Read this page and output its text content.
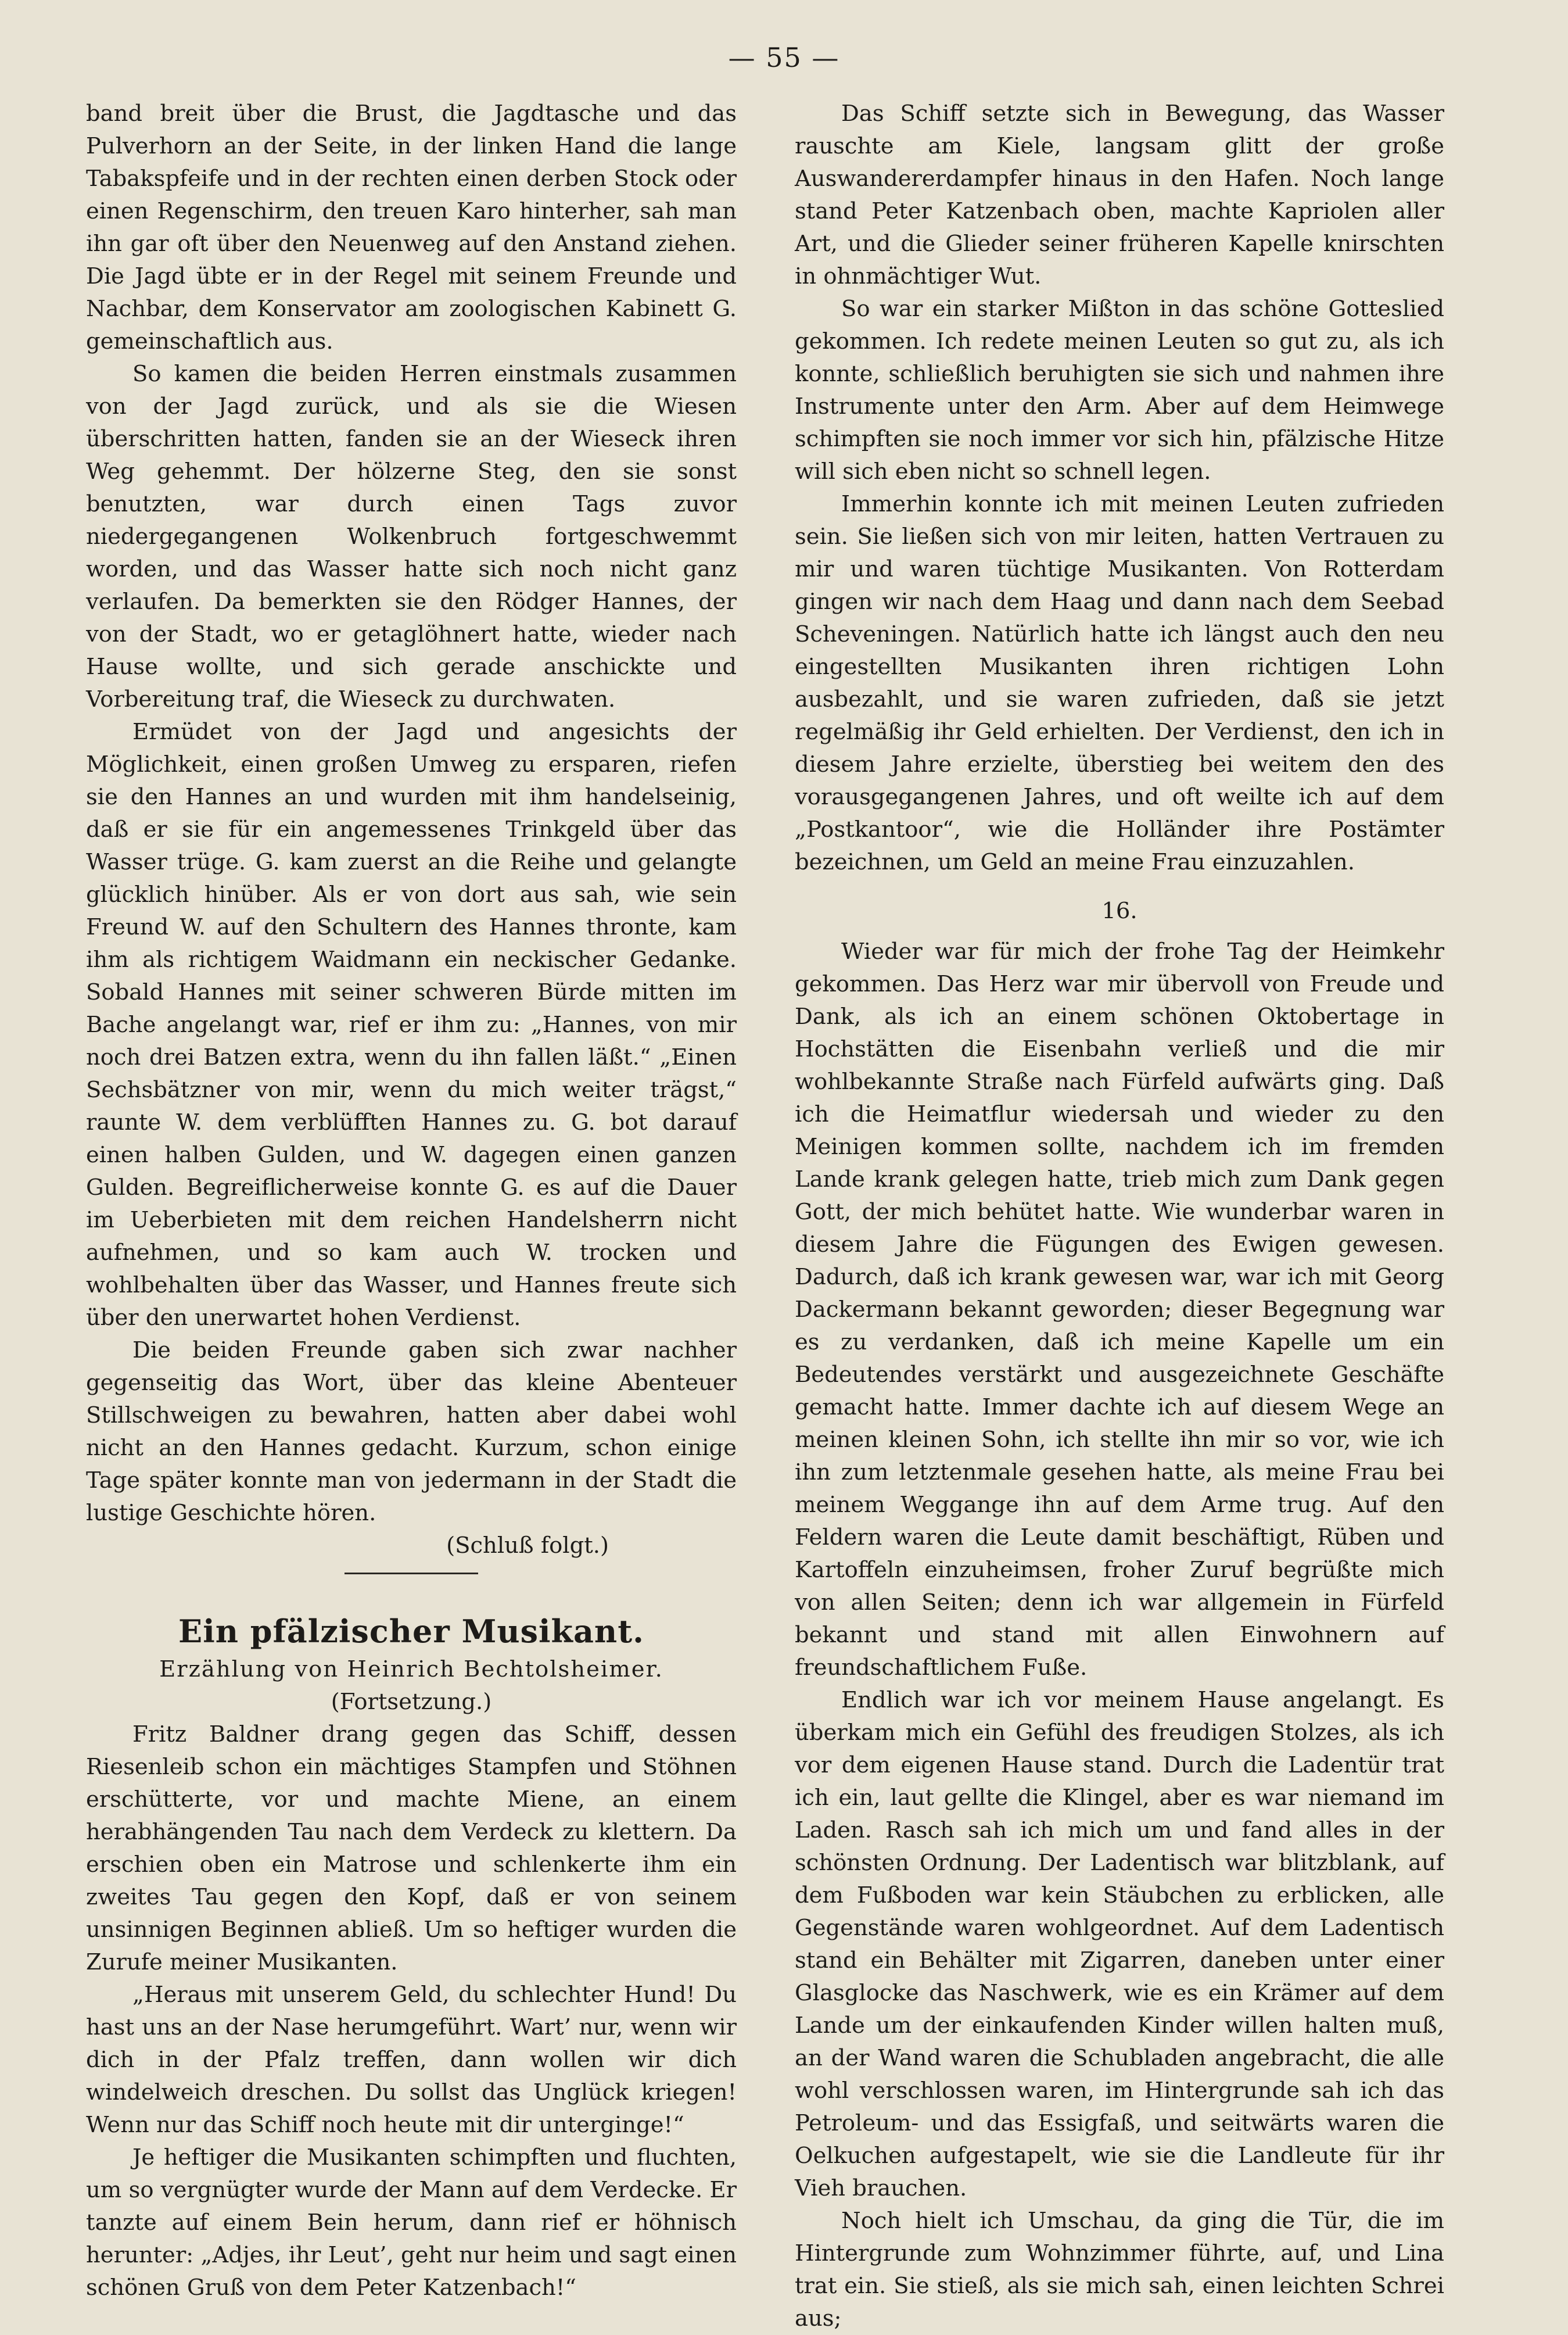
— 55 —

band breit über die Brust, die Jagdtasche und das Pulverhorn an der Seite, in der linken Hand die lange Tabakspfeife und in der rechten einen derben Stock oder einen Regenschirm, den treuen Karo hinterher, sah man ihn gar oft über den Neuenweg auf den Anstand ziehen. Die Jagd übte er in der Regel mit seinem Freunde und Nachbar, dem Konservator am zoologischen Kabinett G. gemeinschaftlich aus.

So kamen die beiden Herren einstmals zusammen von der Jagd zurück, und als sie die Wiesen überschritten hatten, fanden sie an der Wieseck ihren Weg gehemmt. Der hölzerne Steg, den sie sonst benutzten, war durch einen Tags zuvor niedergegangenen Wolkenbruch fortgeschwemmt worden, und das Wasser hatte sich noch nicht ganz verlaufen. Da bemerkten sie den Rödger Hannes, der von der Stadt, wo er getaglöhnert hatte, wieder nach Hause wollte, und sich gerade anschickte und Vorbereitung traf, die Wieseck zu durchwaten.

Ermüdet von der Jagd und angesichts der Möglichkeit, einen großen Umweg zu ersparen, riefen sie den Hannes an und wurden mit ihm handelseinig, daß er sie für ein angemessenes Trinkgeld über das Wasser trüge. G. kam zuerst an die Reihe und gelangte glücklich hinüber. Als er von dort aus sah, wie sein Freund W. auf den Schultern des Hannes thronte, kam ihm als richtigem Waidmann ein neckischer Gedanke. Sobald Hannes mit seiner schweren Bürde mitten im Bache angelangt war, rief er ihm zu: „Hannes, von mir noch drei Batzen extra, wenn du ihn fallen läßt.“ „Einen Sechsbätzner von mir, wenn du mich weiter trägst,“ raunte W. dem verblüfften Hannes zu. G. bot darauf einen halben Gulden, und W. dagegen einen ganzen Gulden. Begreiflicherweise konnte G. es auf die Dauer im Ueberbieten mit dem reichen Handelsherrn nicht aufnehmen, und so kam auch W. trocken und wohlbehalten über das Wasser, und Hannes freute sich über den unerwartet hohen Verdienst.

Die beiden Freunde gaben sich zwar nachher gegenseitig das Wort, über das kleine Abenteuer Stillschweigen zu bewahren, hatten aber dabei wohl nicht an den Hannes gedacht. Kurzum, schon einige Tage später konnte man von jedermann in der Stadt die lustige Geschichte hören.

(Schluß folgt.)

Ein pfälzischer Musikant.

Erzählung von Heinrich Bechtolsheimer.

(Fortsetzung.)

Fritz Baldner drang gegen das Schiff, dessen Riesenleib schon ein mächtiges Stampfen und Stöhnen erschütterte, vor und machte Miene, an einem herabhängenden Tau nach dem Verdeck zu klettern. Da erschien oben ein Matrose und schlenkerte ihm ein zweites Tau gegen den Kopf, daß er von seinem unsinnigen Beginnen abließ. Um so heftiger wurden die Zurufe meiner Musikanten.

„Heraus mit unserem Geld, du schlechter Hund! Du hast uns an der Nase herumgeführt. Wart’ nur, wenn wir dich in der Pfalz treffen, dann wollen wir dich windelweich dreschen. Du sollst das Unglück kriegen! Wenn nur das Schiff noch heute mit dir unterginge!“

Je heftiger die Musikanten schimpften und fluchten, um so vergnügter wurde der Mann auf dem Verdecke. Er tanzte auf einem Bein herum, dann rief er höhnisch herunter: „Adjes, ihr Leut’, geht nur heim und sagt einen schönen Gruß von dem Peter Katzenbach!“

Das Schiff setzte sich in Bewegung, das Wasser rauschte am Kiele, langsam glitt der große Auswandererdampfer hinaus in den Hafen. Noch lange stand Peter Katzenbach oben, machte Kapriolen aller Art, und die Glieder seiner früheren Kapelle knirschten in ohnmächtiger Wut.

So war ein starker Mißton in das schöne Gotteslied gekommen. Ich redete meinen Leuten so gut zu, als ich konnte, schließlich beruhigten sie sich und nahmen ihre Instrumente unter den Arm. Aber auf dem Heimwege schimpften sie noch immer vor sich hin, pfälzische Hitze will sich eben nicht so schnell legen.

Immerhin konnte ich mit meinen Leuten zufrieden sein. Sie ließen sich von mir leiten, hatten Vertrauen zu mir und waren tüchtige Musikanten. Von Rotterdam gingen wir nach dem Haag und dann nach dem Seebad Scheveningen. Natürlich hatte ich längst auch den neu eingestellten Musikanten ihren richtigen Lohn ausbezahlt, und sie waren zufrieden, daß sie jetzt regelmäßig ihr Geld erhielten. Der Verdienst, den ich in diesem Jahre erzielte, überstieg bei weitem den des vorausgegangenen Jahres, und oft weilte ich auf dem „Postkantoor“, wie die Holländer ihre Postämter bezeichnen, um Geld an meine Frau einzuzahlen.

16.

Wieder war für mich der frohe Tag der Heimkehr gekommen. Das Herz war mir übervoll von Freude und Dank, als ich an einem schönen Oktobertage in Hochstätten die Eisenbahn verließ und die mir wohlbekannte Straße nach Fürfeld aufwärts ging. Daß ich die Heimatflur wiedersah und wieder zu den Meinigen kommen sollte, nachdem ich im fremden Lande krank gelegen hatte, trieb mich zum Dank gegen Gott, der mich behütet hatte. Wie wunderbar waren in diesem Jahre die Fügungen des Ewigen gewesen. Dadurch, daß ich krank gewesen war, war ich mit Georg Dackermann bekannt geworden; dieser Begegnung war es zu verdanken, daß ich meine Kapelle um ein Bedeutendes verstärkt und ausgezeichnete Geschäfte gemacht hatte. Immer dachte ich auf diesem Wege an meinen kleinen Sohn, ich stellte ihn mir so vor, wie ich ihn zum letztenmale gesehen hatte, als meine Frau bei meinem Weggange ihn auf dem Arme trug. Auf den Feldern waren die Leute damit beschäftigt, Rüben und Kartoffeln einzuheimsen, froher Zuruf begrüßte mich von allen Seiten; denn ich war allgemein in Fürfeld bekannt und stand mit allen Einwohnern auf freundschaftlichem Fuße.

Endlich war ich vor meinem Hause angelangt. Es überkam mich ein Gefühl des freudigen Stolzes, als ich vor dem eigenen Hause stand. Durch die Ladentür trat ich ein, laut gellte die Klingel, aber es war niemand im Laden. Rasch sah ich mich um und fand alles in der schönsten Ordnung. Der Ladentisch war blitzblank, auf dem Fußboden war kein Stäubchen zu erblicken, alle Gegenstände waren wohlgeordnet. Auf dem Ladentisch stand ein Behälter mit Zigarren, daneben unter einer Glasglocke das Naschwerk, wie es ein Krämer auf dem Lande um der einkaufenden Kinder willen halten muß, an der Wand waren die Schubladen angebracht, die alle wohl verschlossen waren, im Hintergrunde sah ich das Petroleum- und das Essigfaß, und seitwärts waren die Oelkuchen aufgestapelt, wie sie die Landleute für ihr Vieh brauchen.

Noch hielt ich Umschau, da ging die Tür, die im Hintergrunde zum Wohnzimmer führte, auf, und Lina trat ein. Sie stieß, als sie mich sah, einen leichten Schrei aus;
